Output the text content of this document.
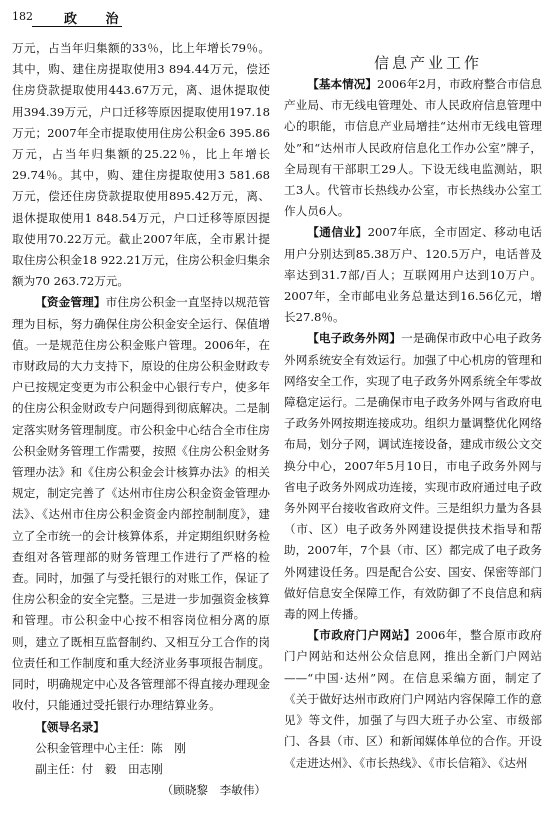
182 政 治

万元，占当年归集额的33％，比上年增长79％。其中，购、建住房提取使用3 894.44万元，偿还住房贷款提取使用443.67万元，离、退休提取使用394.39万元，户口迁移等原因提取使用197.18万元；2007年全市提取使用住房公积金6 395.86万元，占当年归集额的25.22％，比上年增长29.74％。其中，购、建住房提取使用3 581.68万元，偿还住房贷款提取使用895.42万元，离、退休提取使用1 848.54万元，户口迁移等原因提取使用70.22万元。截止2007年底，全市累计提取住房公积金18 922.21万元，住房公积金归集余额为70 263.72万元。

【资金管理】市住房公积金一直坚持以规范管理为目标，努力确保住房公积金安全运行、保值增值。一是规范住房公积金账户管理。2006年，在市财政局的大力支持下，原设的住房公积金财政专户已按规定变更为市公积金中心银行专户，使多年的住房公积金财政专户问题得到彻底解决。二是制定落实财务管理制度。市公积金中心结合全市住房公积金财务管理工作需要，按照《住房公积金财务管理办法》和《住房公积金会计核算办法》的相关规定，制定完善了《达州市住房公积金资金管理办法》、《达州市住房公积金资金内部控制制度》，建立了全市统一的会计核算体系，并定期组织财务检查组对各管理部的财务管理工作进行了严格的检查。同时，加强了与受托银行的对账工作，保证了住房公积金的安全完整。三是进一步加强资金核算和管理。市公积金中心按不相容岗位相分离的原则，建立了既相互监督制约、又相互分工合作的岗位责任和工作制度和重大经济业务事项报告制度。同时，明确规定中心及各管理部不得直接办理现金收付，只能通过受托银行办理结算业务。

【领导名录】

公积金管理中心主任：陈　刚

副主任：付　毅　田志刚

（顾晓黎　李敏伟）

信息产业工作

【基本情况】2006年2月，市政府整合市信息产业局、市无线电管理处、市人民政府信息管理中心的职能，市信息产业局增挂“达州市无线电管理处”和“达州市人民政府信息化工作办公室”牌子，全局现有干部职工29人。下设无线电监测站，职工3人。代管市长热线办公室，市长热线办公室工作人员6人。

【通信业】2007年底，全市固定、移动电话用户分别达到85.38万户、120.5万户，电话普及率达到31.7部/百人；互联网用户达到10万户。2007年，全市邮电业务总量达到16.56亿元，增长27.8％。

【电子政务外网】一是确保市政中心电子政务外网系统安全有效运行。加强了中心机房的管理和网络安全工作，实现了电子政务外网系统全年零故障稳定运行。二是确保市电子政务外网与省政府电子政务外网按期连接成功。组织力量调整优化网络布局，划分子网，调试连接设备，建成市级公文交换分中心，2007年5月10日，市电子政务外网与省电子政务外网成功连接，实现市政府通过电子政务外网平台接收省政府文件。三是组织力量为各县（市、区）电子政务外网建设提供技术指导和帮助，2007年，7个县（市、区）都完成了电子政务外网建设任务。四是配合公安、国安、保密等部门做好信息安全保障工作，有效防御了不良信息和病毒的网上传播。

【市政府门户网站】2006年，整合原市政府门户网站和达州公众信息网，推出全新门户网站——“中国·达州”网。在信息采编方面，制定了《关于做好达州市政府门户网站内容保障工作的意见》等文件，加强了与四大班子办公室、市级部门、各县（市、区）和新闻媒体单位的合作。开设《走进达州》、《市长热线》、《市长信箱》、《达州
